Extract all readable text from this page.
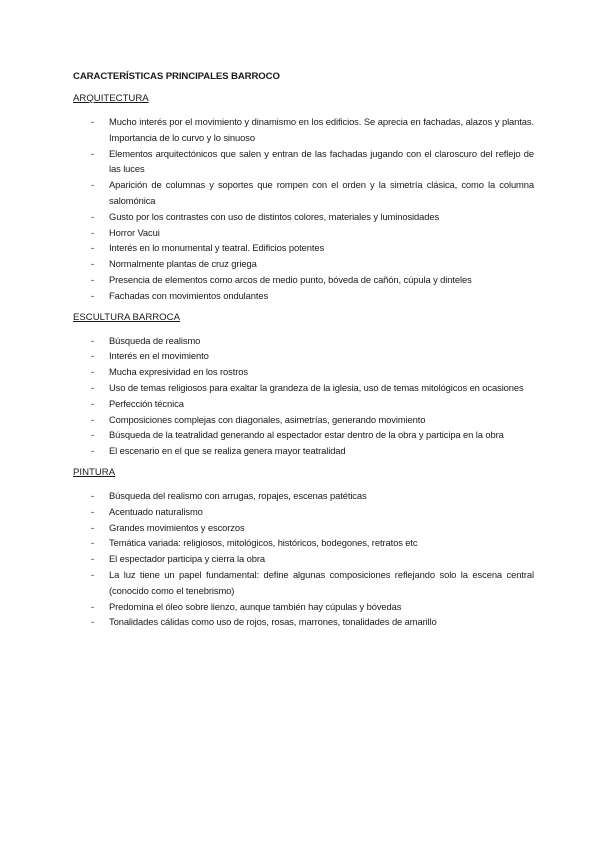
CARACTERÍSTICAS PRINCIPALES BARROCO
ARQUITECTURA
- Mucho interés por el movimiento y dinamismo en los edificios. Se aprecia en fachadas, alazos y plantas. Importancia de lo curvo y lo sinuoso
- Elementos arquitectónicos que salen y entran de las fachadas jugando con el claroscuro del reflejo de las luces
- Aparición de columnas y soportes que rompen con el orden y la simetría clásica, como la columna salomónica
- Gusto por los contrastes con uso de distintos colores, materiales y luminosidades
- Horror Vacui
- Interés en lo monumental y teatral. Edificios potentes
- Normalmente plantas de cruz griega
- Presencia de elementos como arcos de medio punto, bóveda de cañón, cúpula y dinteles
- Fachadas con movimientos ondulantes
ESCULTURA BARROCA
- Búsqueda de realismo
- Interés en el movimiento
- Mucha expresividad en los rostros
- Uso de temas religiosos para exaltar la grandeza de la iglesia, uso de temas mitológicos en ocasiones
- Perfección técnica
- Composiciones complejas con diagonales, asimetrías, generando movimiento
- Búsqueda de la teatralidad generando al espectador estar dentro de la obra y participa en la obra
- El escenario en el que se realiza genera mayor teatralidad
PINTURA
- Búsqueda del realismo con arrugas, ropajes, escenas patéticas
- Acentuado naturalismo
- Grandes movimientos y escorzos
- Temática variada: religiosos, mitológicos, históricos, bodegones, retratos etc
- El espectador participa y cierra la obra
- La luz tiene un papel fundamental: define algunas composiciones reflejando solo la escena central (conocido como el tenebrismo)
- Predomina el óleo sobre lienzo, aunque también hay cúpulas y bóvedas
- Tonalidades cálidas como uso de rojos, rosas, marrones, tonalidades de amarillo
